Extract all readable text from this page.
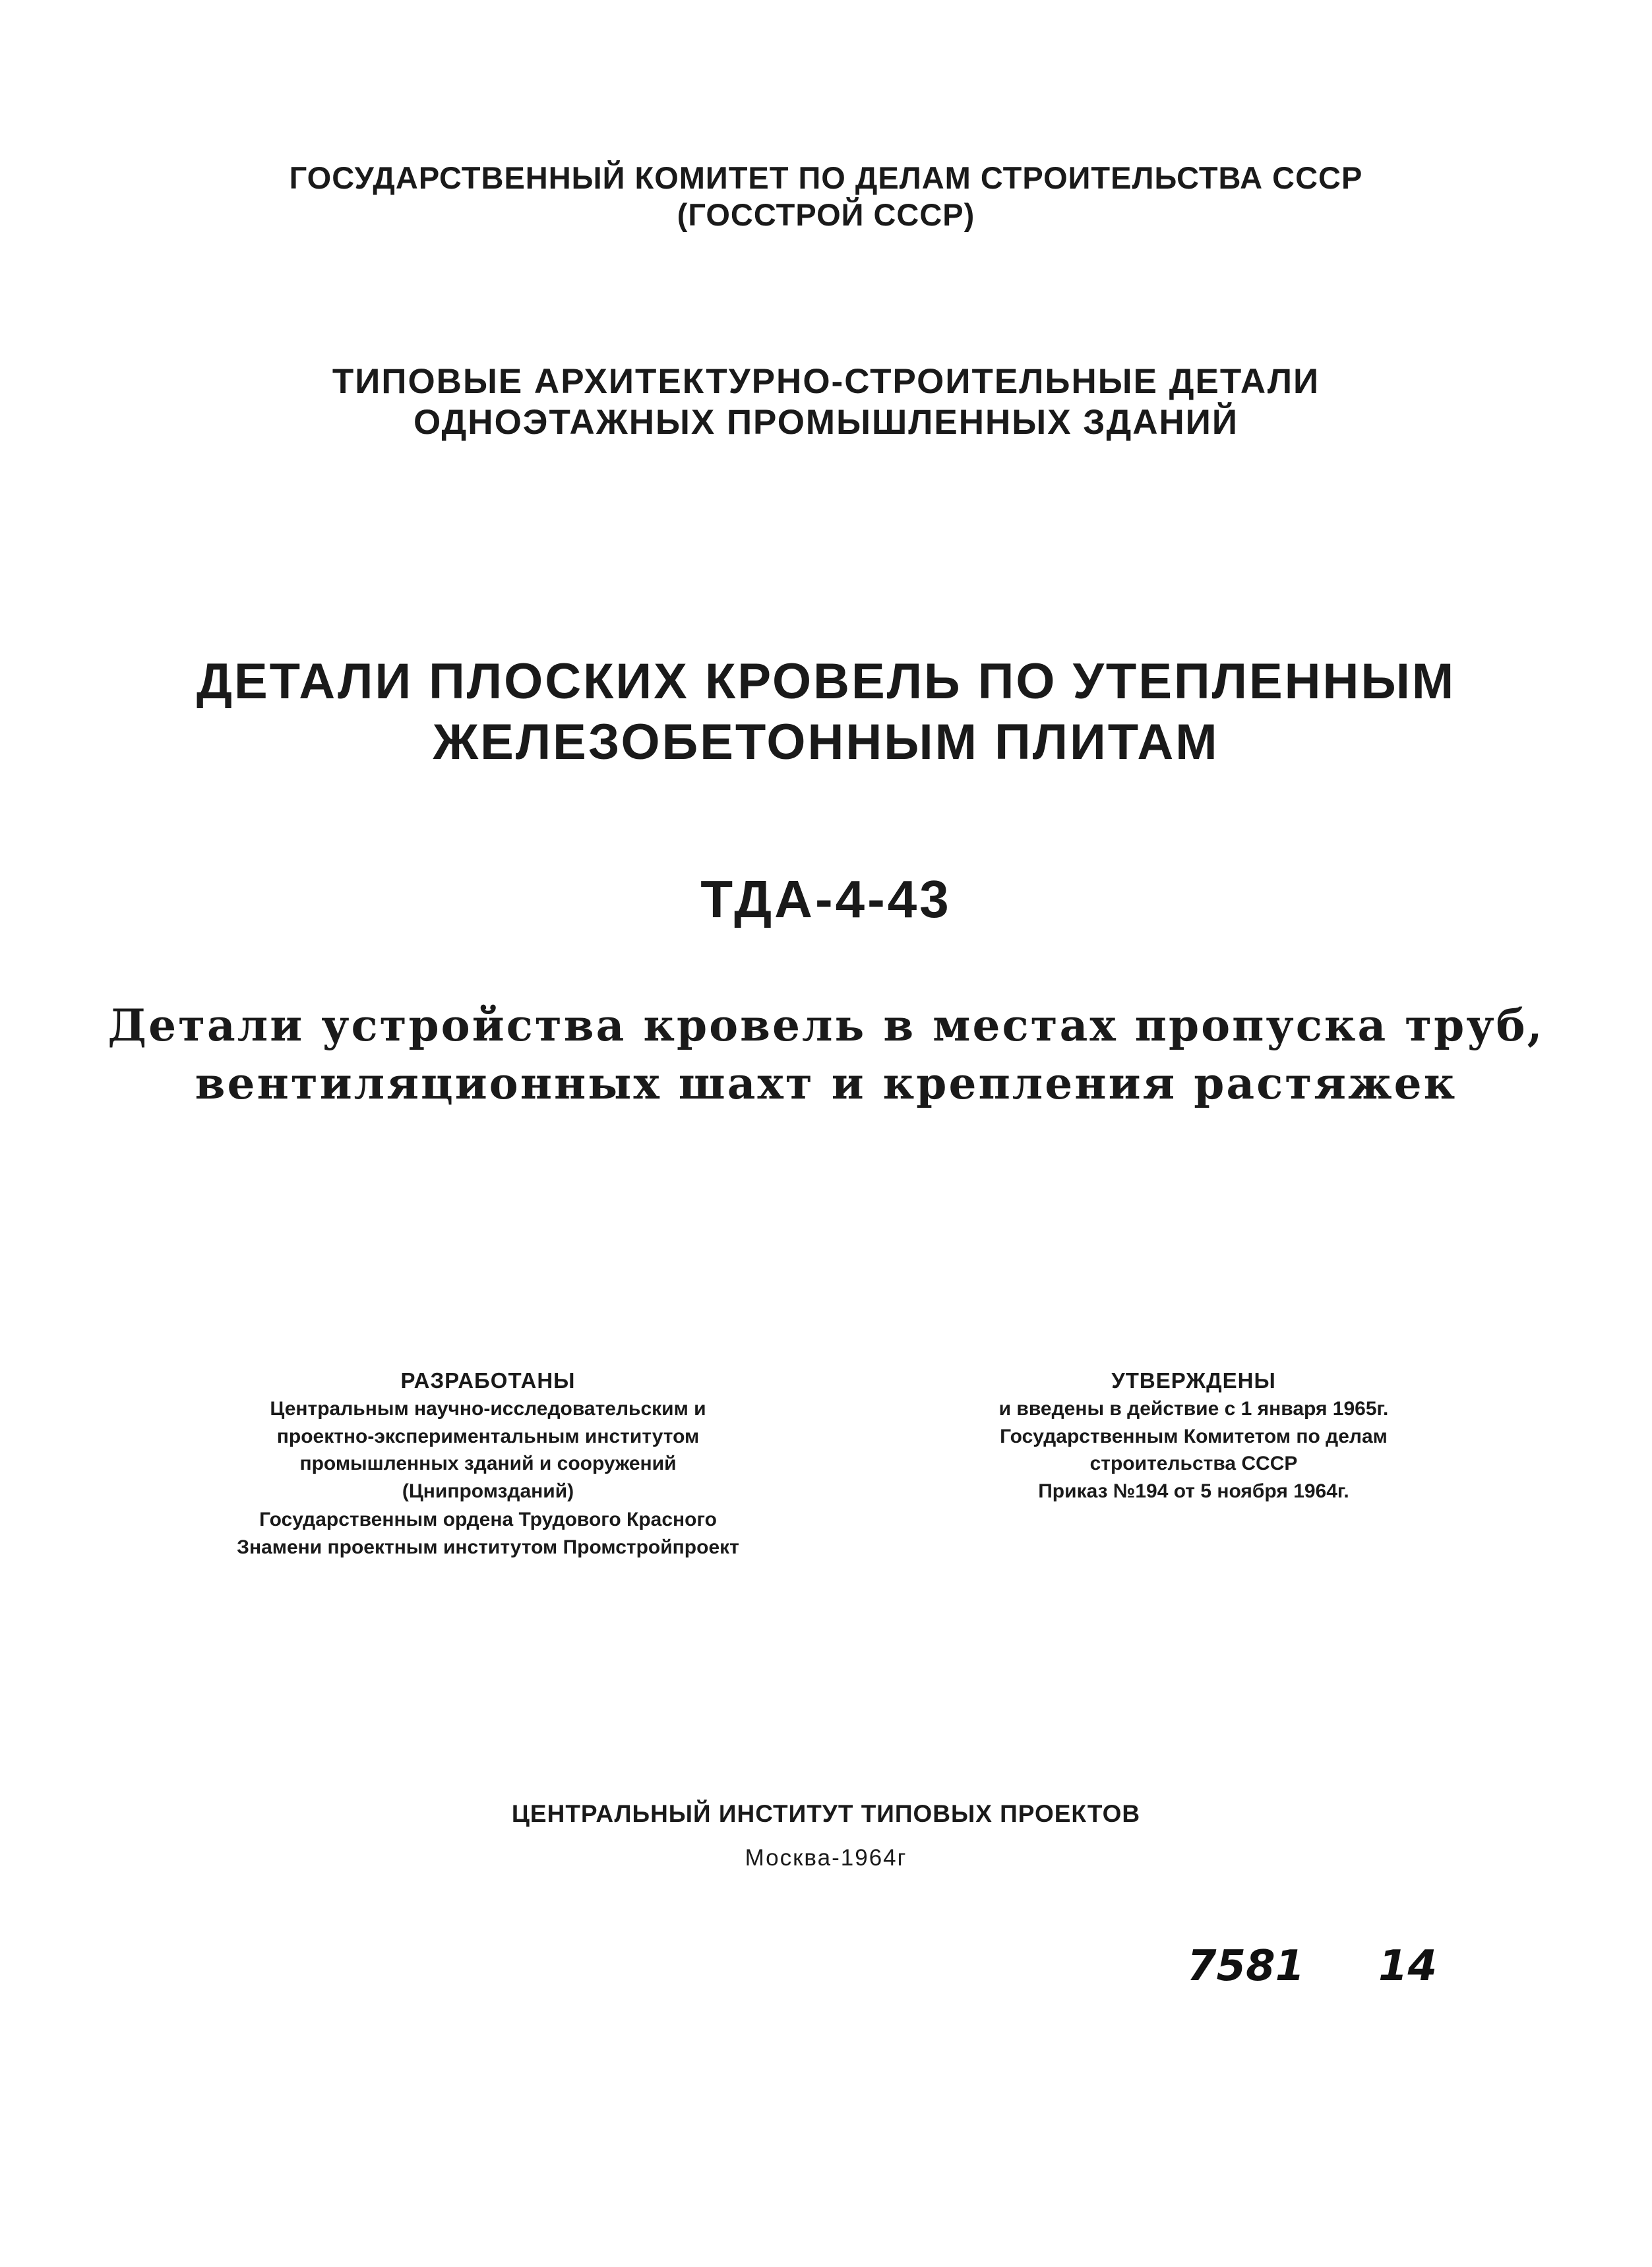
ГОСУДАРСТВЕННЫЙ КОМИТЕТ ПО ДЕЛАМ СТРОИТЕЛЬСТВА СССР
(ГОССТРОЙ СССР)
ТИПОВЫЕ АРХИТЕКТУРНО-СТРОИТЕЛЬНЫЕ ДЕТАЛИ
ОДНОЭТАЖНЫХ ПРОМЫШЛЕННЫХ ЗДАНИЙ
ДЕТАЛИ ПЛОСКИХ КРОВЕЛЬ ПО УТЕПЛЕННЫМ
ЖЕЛЕЗОБЕТОННЫМ ПЛИТАМ
ТДА-4-43
Детали устройства кровель в местах пропуска труб,
вентиляционных шахт и крепления растяжек
РАЗРАБОТАНЫ
Центральным научно-исследовательским и
проектно-экспериментальным институтом
промышленных зданий и сооружений
(Цнипромзданий)
Государственным ордена Трудового Красного
Знамени проектным институтом Промстройпроект
УТВЕРЖДЕНЫ
и введены в действие с 1 января 1965г.
Государственным Комитетом по делам
строительства СССР
Приказ №194 от 5 ноября 1964г.
ЦЕНТРАЛЬНЫЙ ИНСТИТУТ ТИПОВЫХ ПРОЕКТОВ
Москва-1964г
7581 14
